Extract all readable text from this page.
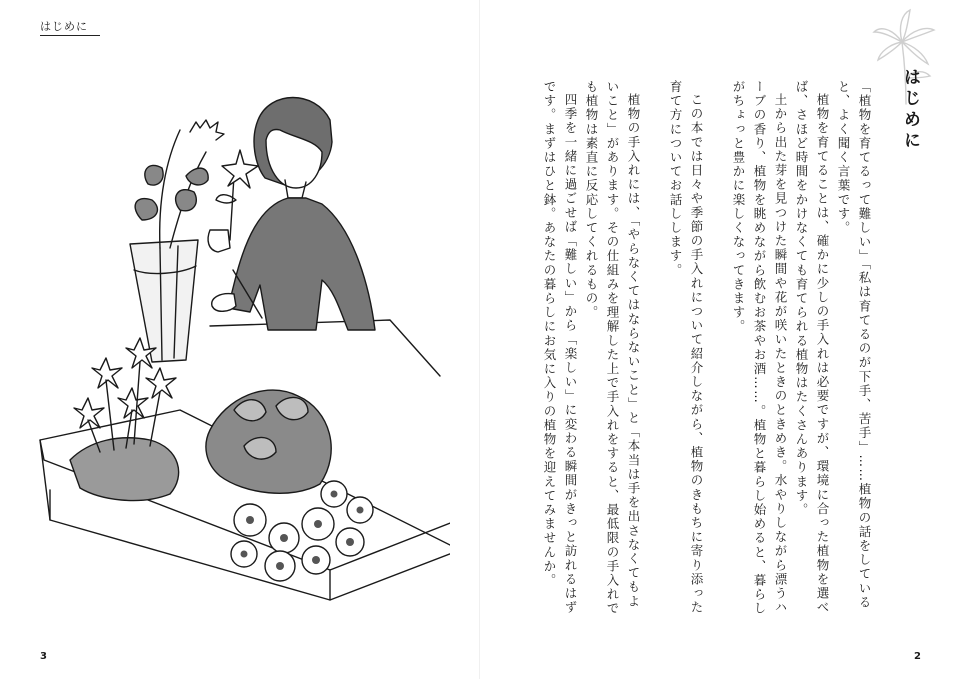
はじめに
3
はじめに

「植物を育てるって難しい」「私は育てるのが下手、苦手」……植物の話をしていると、よく聞く言葉です。

植物を育てることは、確かに少しの手入れは必要ですが、環境に合った植物を選べば、さほど時間をかけなくても育てられる植物はたくさんあります。

土から出た芽を見つけた瞬間や花が咲いたときのときめき。水やりしながら漂うハーブの香り、植物を眺めながら飲むお茶やお酒……。植物と暮らし始めると、暮らしがちょっと豊かに楽しくなってきます。

この本では日々や季節の手入れについて紹介しながら、植物のきもちに寄り添った育て方についてお話しします。

植物の手入れには、「やらなくてはならないこと」と「本当は手を出さなくてもよいこと」があります。その仕組みを理解した上で手入れをすると、最低限の手入れでも植物は素直に反応してくれるもの。

四季を一緒に過ごせば「難しい」から「楽しい」に変わる瞬間がきっと訪れるはずです。まずはひと鉢。あなたの暮らしにお気に入りの植物を迎えてみませんか。

2
